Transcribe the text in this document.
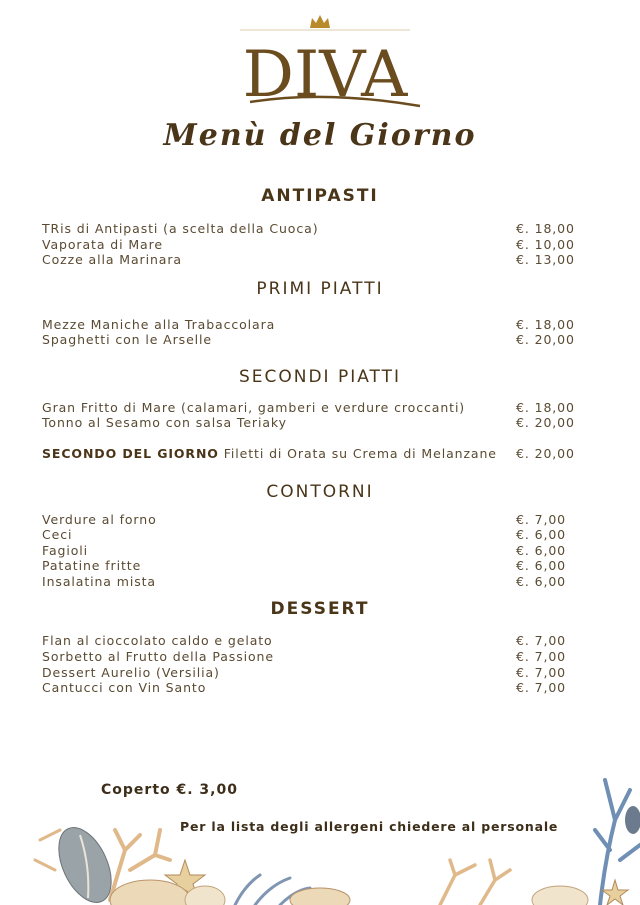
DIVA
Menù del Giorno
ANTIPASTI
TRis di Antipasti (a scelta della Cuoca)	€. 18,00
Vaporata di Mare	€. 10,00
Cozze alla Marinara	€. 13,00
PRIMI PIATTI
Mezze Maniche alla Trabaccolara	€. 18,00
Spaghetti con le Arselle	€. 20,00
SECONDI PIATTI
Gran Fritto di Mare (calamari, gamberi e verdure croccanti)	€. 18,00
Tonno al Sesamo con salsa Teriaky	€. 20,00
SECONDO DEL GIORNO Filetti di Orata su Crema di Melanzane €. 20,00
CONTORNI
Verdure al forno	€. 7,00
Ceci	€. 6,00
Fagioli	€. 6,00
Patatine fritte	€. 6,00
Insalatina mista	€. 6,00
DESSERT
Flan al cioccolato caldo e gelato	€. 7,00
Sorbetto al Frutto della Passione	€. 7,00
Dessert Aurelio (Versilia)	€. 7,00
Cantucci con Vin Santo	€. 7,00
Coperto €. 3,00
Per la lista degli allergeni chiedere al personale
